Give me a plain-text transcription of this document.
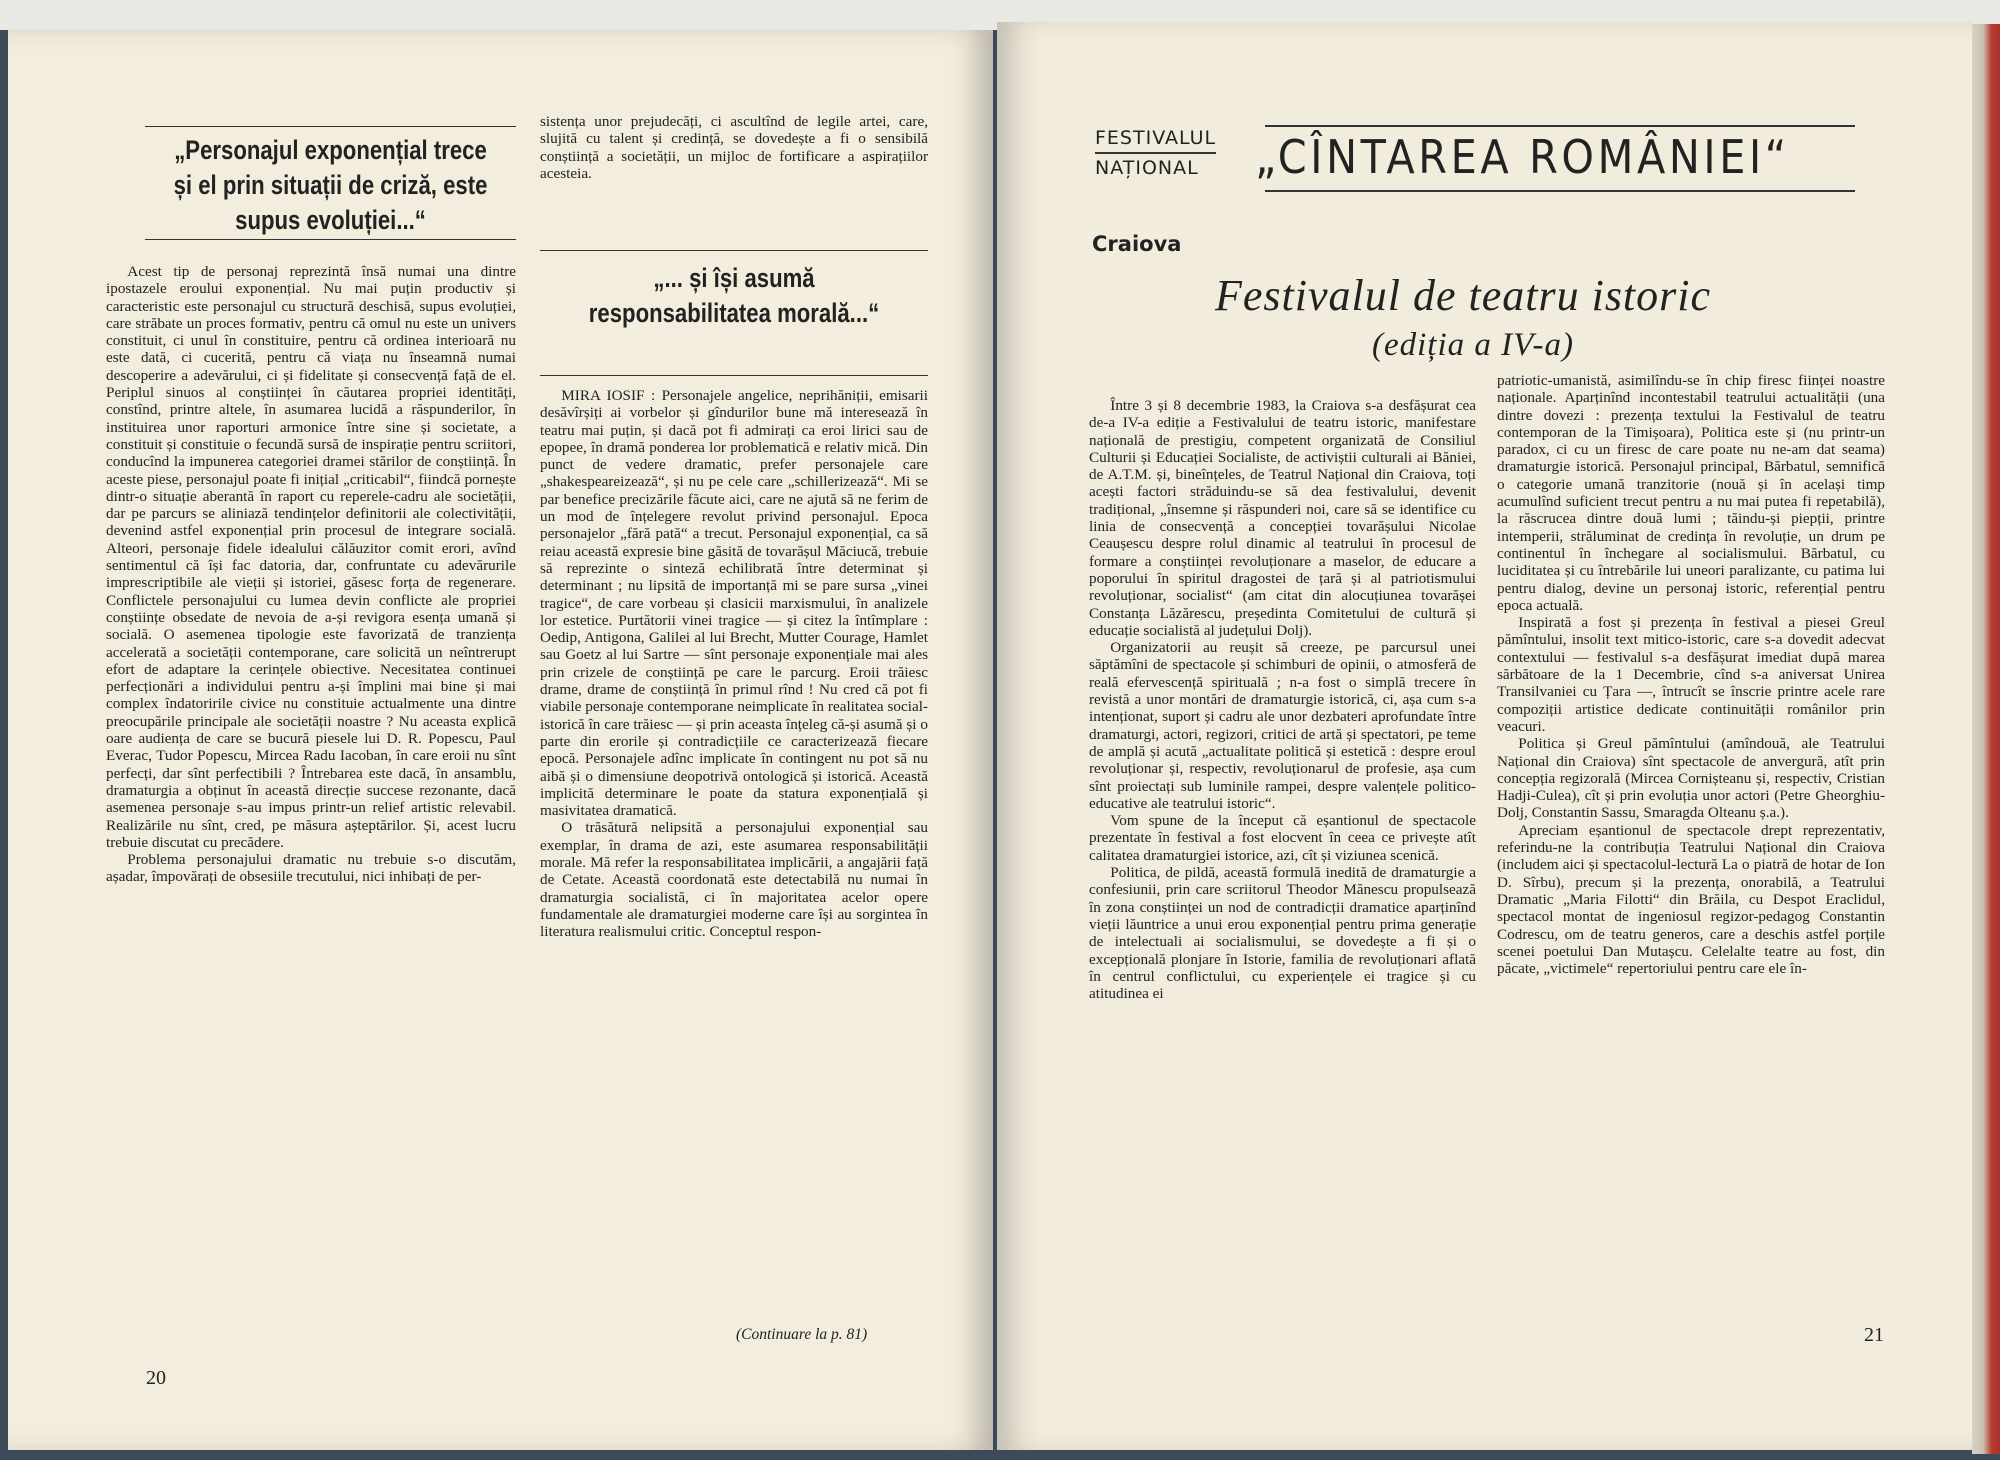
„Personajul exponențial trece și el prin situații de criză, este supus evoluției...“

Acest tip de personaj reprezintă însă numai una dintre ipostazele eroului exponențial. Nu mai puțin productiv și caracteristic este personajul cu structură deschisă, supus evoluției, care străbate un proces formativ, pentru că omul nu este un univers constituit, ci unul în constituire, pentru că ordinea interioară nu este dată, ci cucerită, pentru că viața nu înseamnă numai descoperire a adevărului, ci și fidelitate și consecvență față de el. Periplul sinuos al conștiinței în căutarea propriei identități, constînd, printre altele, în asumarea lucidă a răspunderilor, în instituirea unor raporturi armonice între sine și societate, a constituit și constituie o fecundă sursă de inspirație pentru scriitori, conducînd la impunerea categoriei dramei stărilor de conștiință. În aceste piese, personajul poate fi inițial „criticabil“, fiindcă pornește dintr-o situație aberantă în raport cu reperele-cadru ale societății, dar pe parcurs se aliniază tendințelor definitorii ale colectivității, devenind astfel exponențial prin procesul de integrare socială. Alteori, personaje fidele idealului călăuzitor comit erori, avînd sentimentul că își fac datoria, dar, confruntate cu adevărurile imprescriptibile ale vieții și istoriei, găsesc forța de regenerare. Conflictele personajului cu lumea devin conflicte ale propriei conștiințe obsedate de nevoia de a-și revigora esența umană și socială. O asemenea tipologie este favorizată de tranziența accelerată a societății contemporane, care solicită un neîntrerupt efort de adaptare la cerințele obiective. Necesitatea continuei perfecționări a individului pentru a-și împlini mai bine și mai complex îndatoririle civice nu constituie actualmente una dintre preocupările principale ale societății noastre ? Nu aceasta explică oare audiența de care se bucură piesele lui D. R. Popescu, Paul Everac, Tudor Popescu, Mircea Radu Iacoban, în care eroii nu sînt perfecți, dar sînt perfectibili ? Întrebarea este dacă, în ansamblu, dramaturgia a obținut în această direcție succese rezonante, dacă asemenea personaje s-au impus printr-un relief artistic relevabil. Realizările nu sînt, cred, pe măsura așteptărilor. Și, acest lucru trebuie discutat cu precădere.

Problema personajului dramatic nu trebuie s-o discutăm, așadar, împovărați de obsesiile trecutului, nici inhibați de per-

sistența unor prejudecăți, ci ascultînd de legile artei, care, slujită cu talent și credință, se dovedește a fi o sensibilă conștiință a societății, un mijloc de fortificare a aspirațiilor acesteia.

„... și își asumă responsabilitatea morală...“

MIRA IOSIF : Personajele angelice, neprihăniții, emisarii desăvîrșiți ai vorbelor și gîndurilor bune mă interesează în teatru mai puțin, și dacă pot fi admirați ca eroi lirici sau de epopee, în dramă ponderea lor problematică e relativ mică. Din punct de vedere dramatic, prefer personajele care „shakespeareizează“, și nu pe cele care „schillerizează“. Mi se par benefice precizările făcute aici, care ne ajută să ne ferim de un mod de înțelegere revolut privind personajul. Epoca personajelor „fără pată“ a trecut. Personajul exponențial, ca să reiau această expresie bine găsită de tovarășul Măciucă, trebuie să reprezinte o sinteză echilibrată între determinat și determinant ; nu lipsită de importanță mi se pare sursa „vinei tragice“, de care vorbeau și clasicii marxismului, în analizele lor estetice. Purtătorii vinei tragice — și citez la întîmplare : Oedip, Antigona, Galilei al lui Brecht, Mutter Courage, Hamlet sau Goetz al lui Sartre — sînt personaje exponențiale mai ales prin crizele de conștiință pe care le parcurg. Eroii trăiesc drame, drame de conștiință în primul rînd ! Nu cred că pot fi viabile personaje contemporane neimplicate în realitatea social-istorică în care trăiesc — și prin aceasta înțeleg că-și asumă și o parte din erorile și contradicțiile ce caracterizează fiecare epocă. Personajele adînc implicate în contingent nu pot să nu aibă și o dimensiune deopotrivă ontologică și istorică. Această implicită determinare le poate da statura exponențială și masivitatea dramatică.

O trăsătură nelipsită a personajului exponențial sau exemplar, în drama de azi, este asumarea responsabilității morale. Mă refer la responsabilitatea implicării, a angajării față de Cetate. Această coordonată este detectabilă nu numai în dramaturgia socialistă, ci în majoritatea acelor opere fundamentale ale dramaturgiei moderne care își au sorgintea în literatura realismului critic. Conceptul respon-

(Continuare la p. 81)
20
FESTIVALUL
NAȚIONAL	„CÎNTAREA ROMÂNIEI“
Craiova
Festivalul de teatru istoric
(ediția a IV-a)

Între 3 și 8 decembrie 1983, la Craiova s-a desfășurat cea de-a IV-a ediție a Festivalului de teatru istoric, manifestare națională de prestigiu, competent organizată de Consiliul Culturii și Educației Socialiste, de activiștii culturali ai Băniei, de A.T.M. și, bineînțeles, de Teatrul Național din Craiova, toți acești factori străduindu-se să dea festivalului, devenit tradițional, „însemne și răspunderi noi, care să se identifice cu linia de consecvență a concepției tovarășului Nicolae Ceaușescu despre rolul dinamic al teatrului în procesul de formare a conștiinței revoluționare a maselor, de educare a poporului în spiritul dragostei de țară și al patriotismului revoluționar, socialist“ (am citat din alocuțiunea tovarășei Constanța Lăzărescu, președinta Comitetului de cultură și educație socialistă al județului Dolj).

Organizatorii au reușit să creeze, pe parcursul unei săptămîni de spectacole și schimburi de opinii, o atmosferă de reală efervescență spirituală ; n-a fost o simplă trecere în revistă a unor montări de dramaturgie istorică, ci, așa cum s-a intenționat, suport și cadru ale unor dezbateri aprofundate între dramaturgi, actori, regizori, critici de artă și spectatori, pe teme de amplă și acută „actualitate politică și estetică : despre eroul revoluționar și, respectiv, revoluționarul de profesie, așa cum sînt proiectați sub luminile rampei, despre valențele politico-educative ale teatrului istoric“.

Vom spune de la început că eșantionul de spectacole prezentate în festival a fost elocvent în ceea ce privește atît calitatea dramaturgiei istorice, azi, cît și viziunea scenică.

Politica, de pildă, această formulă inedită de dramaturgie a confesiunii, prin care scriitorul Theodor Mănescu propulsează în zona conștiinței un nod de contradicții dramatice aparținînd vieții lăuntrice a unui erou exponențial pentru prima generație de intelectuali ai socialismului, se dovedește a fi și o excepțională plonjare în Istorie, familia de revoluționari aflată în centrul conflictului, cu experiențele ei tragice și cu atitudinea ei

patriotic-umanistă, asimilîndu-se în chip firesc ființei noastre naționale. Aparținînd incontestabil teatrului actualității (una dintre dovezi : prezența textului la Festivalul de teatru contemporan de la Timișoara), Politica este și (nu printr-un paradox, ci cu un firesc de care poate nu ne-am dat seama) dramaturgie istorică. Personajul principal, Bărbatul, semnifică o categorie umană tranzitorie (nouă și în același timp acumulînd suficient trecut pentru a nu mai putea fi repetabilă), la răscrucea dintre două lumi ; tăindu-și piepții, printre intemperii, străluminat de credința în revoluție, un drum pe continentul în închegare al socialismului. Bărbatul, cu luciditatea și cu întrebările lui uneori paralizante, cu patima lui pentru dialog, devine un personaj istoric, referențial pentru epoca actuală.

Inspirată a fost și prezența în festival a piesei Greul pămîntului, insolit text mitico-istoric, care s-a dovedit adecvat contextului — festivalul s-a desfășurat imediat după marea sărbătoare de la 1 Decembrie, cînd s-a aniversat Unirea Transilvaniei cu Țara —, întrucît se înscrie printre acele rare compoziții artistice dedicate continuității românilor prin veacuri.

Politica și Greul pămîntului (amîndouă, ale Teatrului Național din Craiova) sînt spectacole de anvergură, atît prin concepția regizorală (Mircea Cornișteanu și, respectiv, Cristian Hadji-Culea), cît și prin evoluția unor actori (Petre Gheorghiu-Dolj, Constantin Sassu, Smaragda Olteanu ș.a.).

Apreciam eșantionul de spectacole drept reprezentativ, referindu-ne la contribuția Teatrului Național din Craiova (includem aici și spectacolul-lectură La o piatră de hotar de Ion D. Sîrbu), precum și la prezența, onorabilă, a Teatrului Dramatic „Maria Filotti“ din Brăila, cu Despot Eraclidul, spectacol montat de ingeniosul regizor-pedagog Constantin Codrescu, om de teatru generos, care a deschis astfel porțile scenei poetului Dan Mutașcu. Celelalte teatre au fost, din păcate, „victimele“ repertoriului pentru care ele în-

21
